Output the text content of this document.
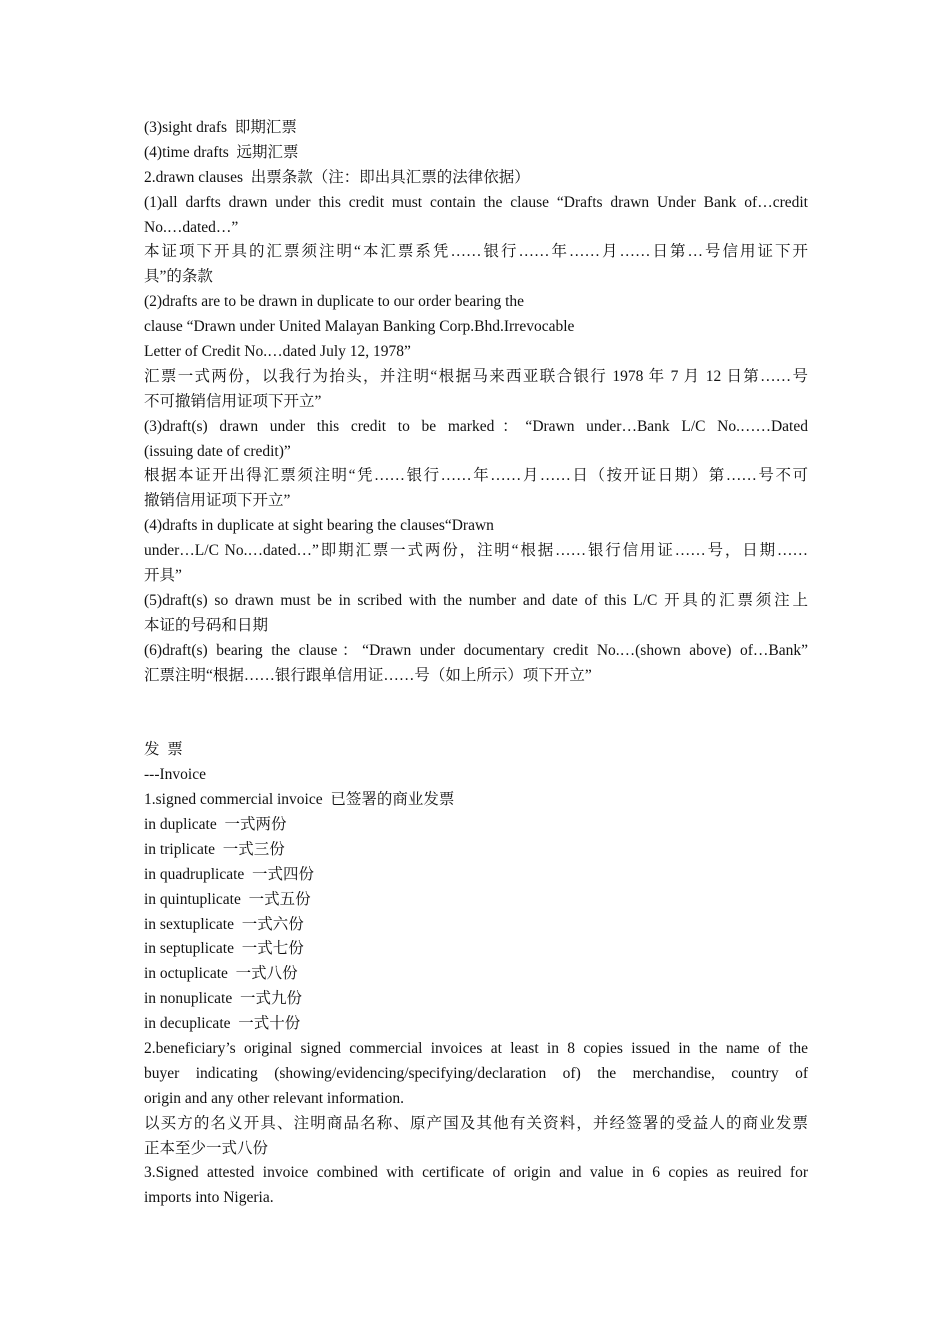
(3)sight drafs  即期汇票
(4)time drafts  远期汇票
2.drawn clauses  出票条款（注：即出具汇票的法律依据）
(1)all darfts drawn under this credit must contain the clause “Drafts drawn Under Bank of…credit
No.…dated…”
本证项下开具的汇票须注明“本汇票系凭……银行……年……月……日第…号信用证下开
具”的条款
(2)drafts are to be drawn in duplicate to our order bearing the
clause “Drawn under United Malayan Banking Corp.Bhd.Irrevocable
Letter of Credit No.…dated July 12, 1978”
汇票一式两份，以我行为抬头，并注明“根据马来西亚联合银行 1978 年 7 月 12 日第……号
不可撤销信用证项下开立”
(3)draft(s) drawn under this credit to be marked：“Drawn under…Bank L/C No.……Dated
(issuing date of credit)”
根据本证开出得汇票须注明“凭……银行……年……月……日（按开证日期）第……号不可
撤销信用证项下开立”
(4)drafts in duplicate at sight bearing the clauses“Drawn
under…L/C No.…dated…”即期汇票一式两份，注明“根据……银行信用证……号，日期……
开具”
(5)draft(s) so drawn must be in scribed with the number and date of this L/C 开具的汇票须注上
本证的号码和日期
(6)draft(s) bearing the clause：“Drawn under documentary credit No.…(shown above) of…Bank”
汇票注明“根据……银行跟单信用证……号（如上所示）项下开立”
发  票
---Invoice
1.signed commercial invoice  已签署的商业发票
in duplicate  一式两份
in triplicate  一式三份
in quadruplicate  一式四份
in quintuplicate  一式五份
in sextuplicate  一式六份
in septuplicate  一式七份
in octuplicate  一式八份
in nonuplicate  一式九份
in decuplicate  一式十份
2.beneficiary’s original signed commercial invoices at least in 8 copies issued in the name of the
buyer indicating (showing/evidencing/specifying/declaration of) the merchandise, country of
origin and any other relevant information.
以买方的名义开具、注明商品名称、原产国及其他有关资料，并经签署的受益人的商业发票
正本至少一式八份
3.Signed attested invoice combined with certificate of origin and value in 6 copies as reuired for
imports into Nigeria.
